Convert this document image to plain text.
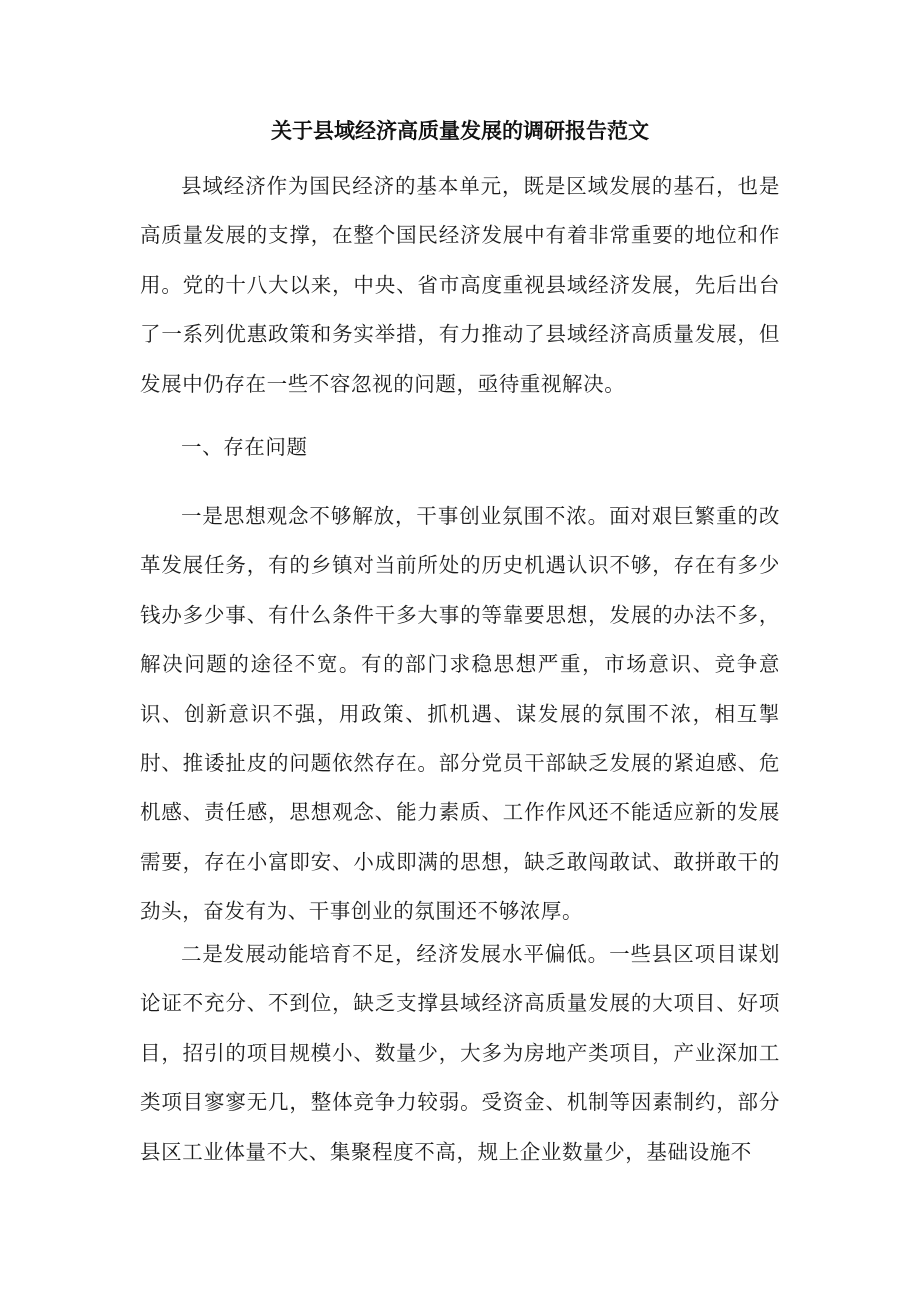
关于县域经济高质量发展的调研报告范文

县域经济作为国民经济的基本单元，既是区域发展的基石，也是高质量发展的支撑，在整个国民经济发展中有着非常重要的地位和作用。党的十八大以来，中央、省市高度重视县域经济发展，先后出台了一系列优惠政策和务实举措，有力推动了县域经济高质量发展，但发展中仍存在一些不容忽视的问题，亟待重视解决。

一、存在问题

一是思想观念不够解放，干事创业氛围不浓。面对艰巨繁重的改革发展任务，有的乡镇对当前所处的历史机遇认识不够，存在有多少钱办多少事、有什么条件干多大事的等靠要思想，发展的办法不多，解决问题的途径不宽。有的部门求稳思想严重，市场意识、竞争意识、创新意识不强，用政策、抓机遇、谋发展的氛围不浓，相互掣肘、推诿扯皮的问题依然存在。部分党员干部缺乏发展的紧迫感、危机感、责任感，思想观念、能力素质、工作作风还不能适应新的发展需要，存在小富即安、小成即满的思想，缺乏敢闯敢试、敢拼敢干的劲头，奋发有为、干事创业的氛围还不够浓厚。

二是发展动能培育不足，经济发展水平偏低。一些县区项目谋划论证不充分、不到位，缺乏支撑县域经济高质量发展的大项目、好项目，招引的项目规模小、数量少，大多为房地产类项目，产业深加工类项目寥寥无几，整体竞争力较弱。受资金、机制等因素制约，部分县区工业体量不大、集聚程度不高，规上企业数量少，基础设施不
